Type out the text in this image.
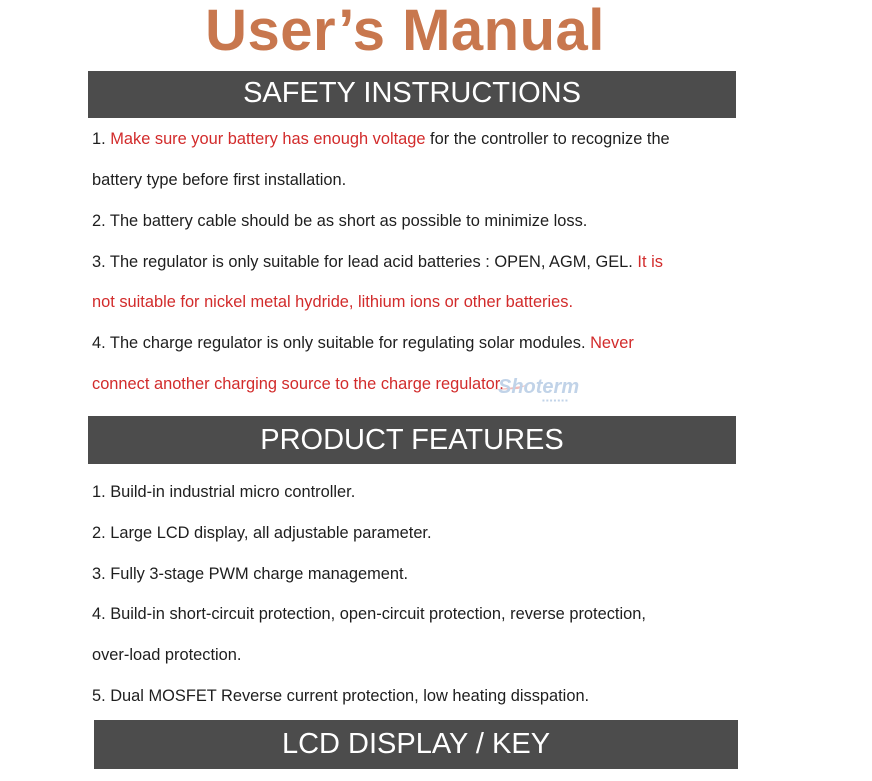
User’s Manual
SAFETY INSTRUCTIONS
1. Make sure your battery has enough voltage for the controller to recognize the
battery type before first installation.
2. The battery cable should be as short as possible to minimize loss.
3. The regulator is only suitable for lead acid batteries : OPEN, AGM, GEL. It is
not suitable for nickel metal hydride, lithium ions or other batteries.
4. The charge regulator is only suitable for regulating solar modules. Never
connect another charging source to the charge regulator.
Shoterm
▪▪▪▪▪▪▪
PRODUCT FEATURES
1. Build-in industrial micro controller.
2. Large LCD display, all adjustable parameter.
3. Fully 3-stage PWM charge management.
4. Build-in short-circuit protection, open-circuit protection, reverse protection,
over-load protection.
5. Dual MOSFET Reverse current protection, low heating disspation.
LCD DISPLAY / KEY
